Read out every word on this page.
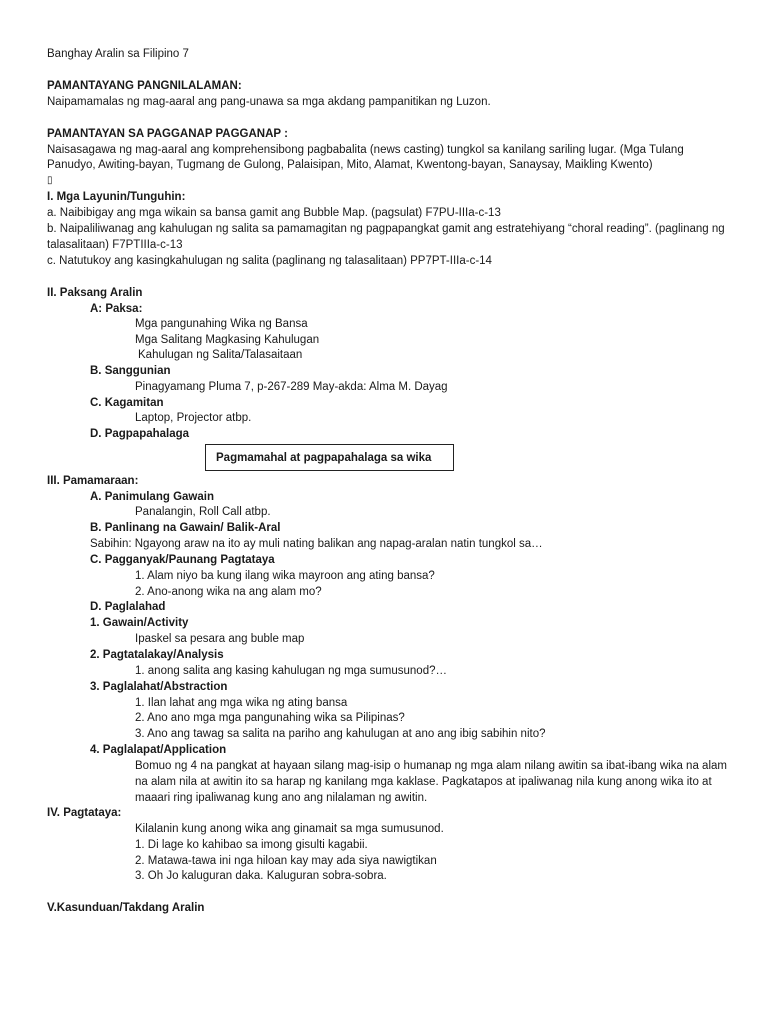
Banghay Aralin sa Filipino 7
PAMANTAYANG PANGNILALAMAN:
Naipamamalas ng mag-aaral ang pang-unawa sa mga akdang pampanitikan ng Luzon.
PAMANTAYAN SA PAGGANAP PAGGANAP :
Naisasagawa ng mag-aaral ang komprehensibong pagbabalita (news casting) tungkol sa kanilang sariling lugar. (Mga Tulang
Panudyo, Awiting-bayan, Tugmang de Gulong, Palaisipan, Mito, Alamat, Kwentong-bayan, Sanaysay, Maikling Kwento)
▯
I. Mga Layunin/Tunguhin:
a. Naibibigay ang mga wikain sa bansa gamit ang Bubble Map. (pagsulat) F7PU-IIIa-c-13
b. Naipaliliwanag ang kahulugan ng salita sa pamamagitan ng pagpapangkat gamit ang estratehiyang “choral reading”. (paglinang ng
talasalitaan) F7PTIIIa-c-13
c. Natutukoy ang kasingkahulugan ng salita (paglinang ng talasalitaan) PP7PT-IIIa-c-14
II. Paksang Aralin
A: Paksa:
Mga pangunahing Wika ng Bansa
Mga Salitang Magkasing Kahulugan
Kahulugan ng Salita/Talasaitaan
B. Sanggunian
Pinagyamang Pluma 7, p-267-289 May-akda: Alma M. Dayag
C. Kagamitan
Laptop, Projector atbp.
D. Pagpapahalaga
Pagmamahal at pagpapahalaga sa wika
III. Pamamaraan:
A. Panimulang Gawain
Panalangin, Roll Call atbp.
B. Panlinang na Gawain/ Balik-Aral
Sabihin: Ngayong araw na ito ay muli nating balikan ang napag-aralan natin tungkol sa…
C. Pagganyak/Paunang Pagtataya
1. Alam niyo ba kung ilang wika mayroon ang ating bansa?
2. Ano-anong wika na ang alam mo?
D. Paglalahad
1. Gawain/Activity
Ipaskel sa pesara ang buble map
2. Pagtatalakay/Analysis
1. anong salita ang kasing kahulugan ng mga sumusunod?…
3. Paglalahat/Abstraction
1. Ilan lahat ang mga wika ng ating bansa
2. Ano ano mga mga pangunahing wika sa Pilipinas?
3. Ano ang tawag sa salita na pariho ang kahulugan at ano ang ibig sabihin nito?
4. Paglalapat/Application
Bomuo ng 4 na pangkat at hayaan silang mag-isip o humanap ng mga alam nilang awitin sa ibat-ibang wika na alam
na alam nila at awitin ito sa harap ng kanilang mga kaklase. Pagkatapos at ipaliwanag nila kung anong wika ito at
maaari ring ipaliwanag kung ano ang nilalaman ng awitin.
IV. Pagtataya:
Kilalanin kung anong wika ang ginamait sa mga sumusunod.
1. Di lage ko kahibao sa imong gisulti kagabii.
2. Matawa-tawa ini nga hiloan kay may ada siya nawigtikan
3. Oh Jo kaluguran daka. Kaluguran sobra-sobra.
V.Kasunduan/Takdang Aralin
